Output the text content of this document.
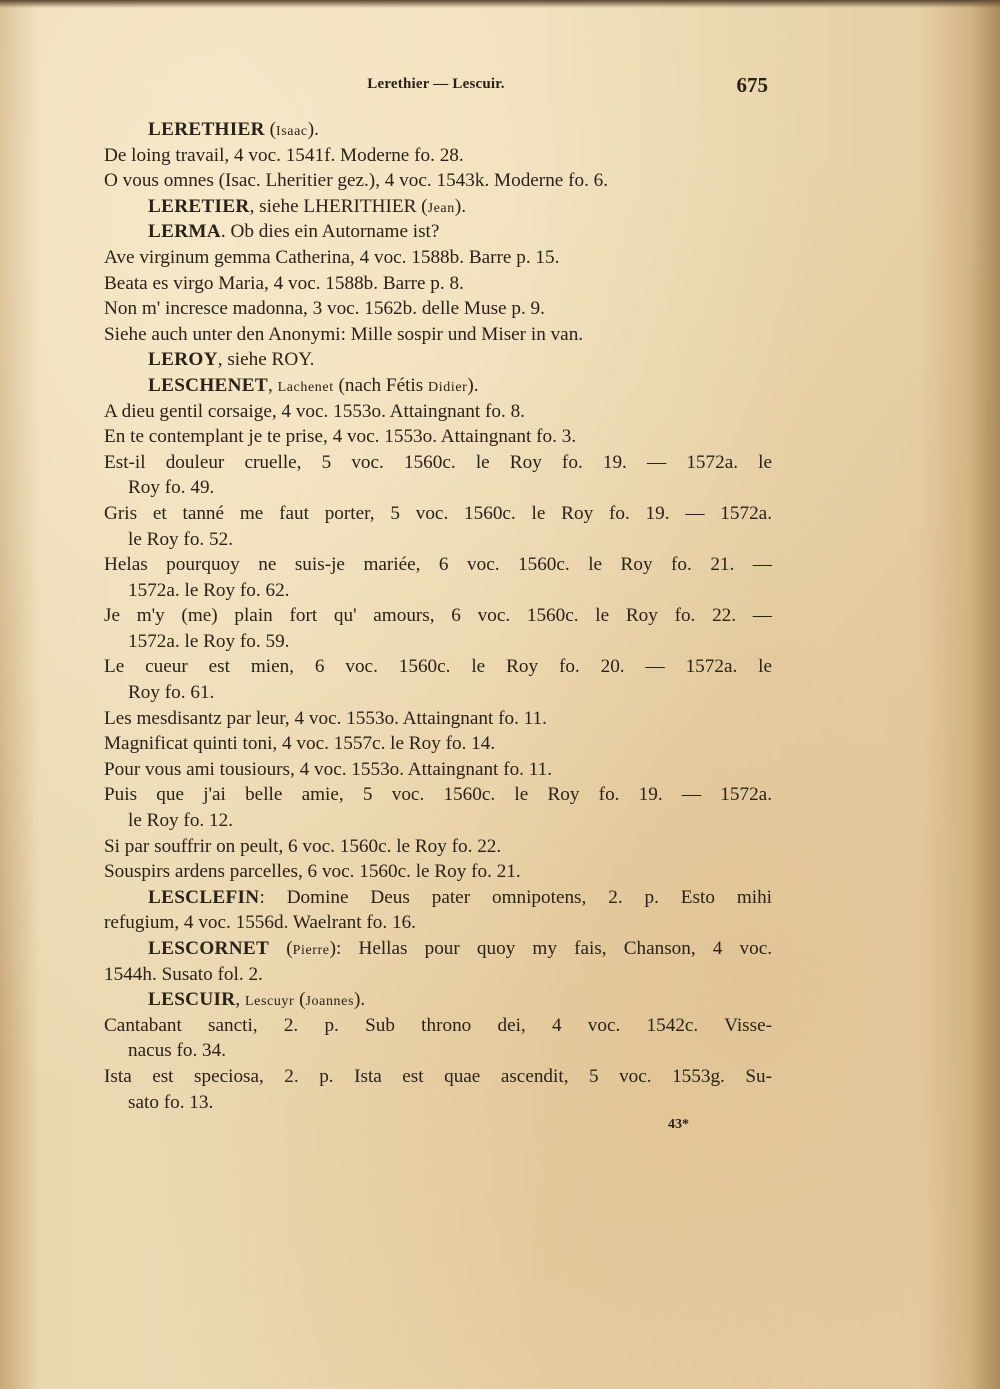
Lerethier — Lescuir.	675
LERETHIER (Isaac).
De loing travail, 4 voc. 1541f. Moderne fo. 28.
O vous omnes (Isac. Lheritier gez.), 4 voc. 1543k. Moderne fo. 6.
LERETIER, siehe LHERITHIER (Jean).
LERMA. Ob dies ein Autorname ist?
Ave virginum gemma Catherina, 4 voc. 1588b. Barre p. 15.
Beata es virgo Maria, 4 voc. 1588b. Barre p. 8.
Non m' incresce madonna, 3 voc. 1562b. delle Muse p. 9.
Siehe auch unter den Anonymi: Mille sospir und Miser in van.
LEROY, siehe ROY.
LESCHENET, Lachenet (nach Fétis Didier).
A dieu gentil corsaige, 4 voc. 1553o. Attaingnant fo. 8.
En te contemplant je te prise, 4 voc. 1553o. Attaingnant fo. 3.
Est-il douleur cruelle, 5 voc. 1560c. le Roy fo. 19. — 1572a. le
Roy fo. 49.
Gris et tanné me faut porter, 5 voc. 1560c. le Roy fo. 19. — 1572a.
le Roy fo. 52.
Helas pourquoy ne suis-je mariée, 6 voc. 1560c. le Roy fo. 21. —
1572a. le Roy fo. 62.
Je m'y (me) plain fort qu' amours, 6 voc. 1560c. le Roy fo. 22. —
1572a. le Roy fo. 59.
Le cueur est mien, 6 voc. 1560c. le Roy fo. 20. — 1572a. le
Roy fo. 61.
Les mesdisantz par leur, 4 voc. 1553o. Attaingnant fo. 11.
Magnificat quinti toni, 4 voc. 1557c. le Roy fo. 14.
Pour vous ami tousiours, 4 voc. 1553o. Attaingnant fo. 11.
Puis que j'ai belle amie, 5 voc. 1560c. le Roy fo. 19. — 1572a.
le Roy fo. 12.
Si par souffrir on peult, 6 voc. 1560c. le Roy fo. 22.
Souspirs ardens parcelles, 6 voc. 1560c. le Roy fo. 21.
LESCLEFIN: Domine Deus pater omnipotens, 2. p. Esto mihi
refugium, 4 voc. 1556d. Waelrant fo. 16.
LESCORNET (Pierre): Hellas pour quoy my fais, Chanson, 4 voc.
1544h. Susato fol. 2.
LESCUIR, Lescuyr (Joannes).
Cantabant sancti, 2. p. Sub throno dei, 4 voc. 1542c. Visse-
nacus fo. 34.
Ista est speciosa, 2. p. Ista est quae ascendit, 5 voc. 1553g. Su-
sato fo. 13.
43*
